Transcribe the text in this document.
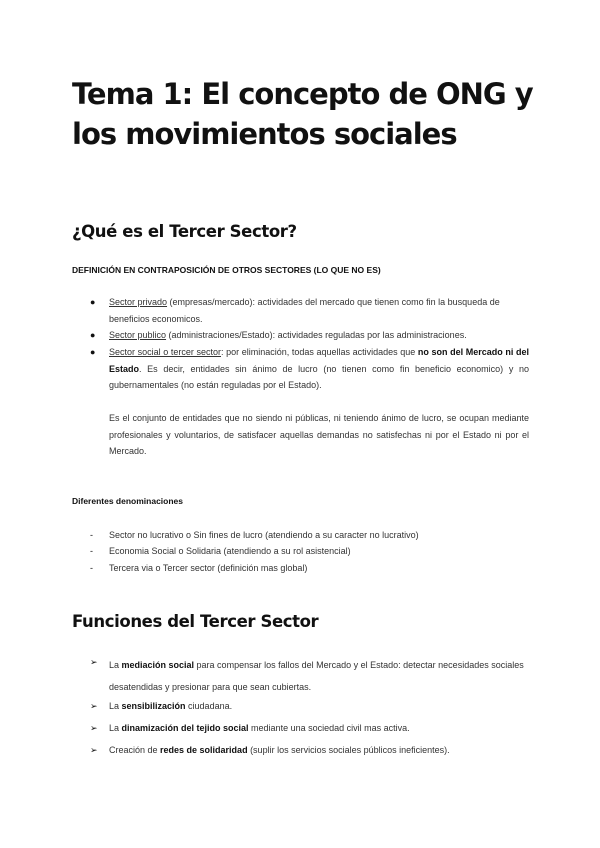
Tema 1: El concepto de ONG y los movimientos sociales
¿Qué es el Tercer Sector?
DEFINICIÓN EN CONTRAPOSICIÓN DE OTROS SECTORES (LO QUE NO ES)
● Sector privado (empresas/mercado): actividades del mercado que tienen como fin la busqueda de beneficios economicos.
● Sector publico (administraciones/Estado): actividades reguladas por las administraciones.
● Sector social o tercer sector: por eliminación, todas aquellas actividades que no son del Mercado ni del Estado. Es decir, entidades sin ánimo de lucro (no tienen como fin beneficio economico) y no gubernamentales (no están reguladas por el Estado).
Es el conjunto de entidades que no siendo ni públicas, ni teniendo ánimo de lucro, se ocupan mediante profesionales y voluntarios, de satisfacer aquellas demandas no satisfechas ni por el Estado ni por el Mercado.
Diferentes denominaciones
- Sector no lucrativo o Sin fines de lucro (atendiendo a su caracter no lucrativo)
- Economia Social o Solidaria (atendiendo a su rol asistencial)
- Tercera via o Tercer sector (definición mas global)
Funciones del Tercer Sector
➢ La mediación social para compensar los fallos del Mercado y el Estado: detectar necesidades sociales desatendidas y presionar para que sean cubiertas.
➢ La sensibilización ciudadana.
➢ La dinamización del tejido social mediante una sociedad civil mas activa.
➢ Creación de redes de solidaridad (suplir los servicios sociales públicos ineficientes).
